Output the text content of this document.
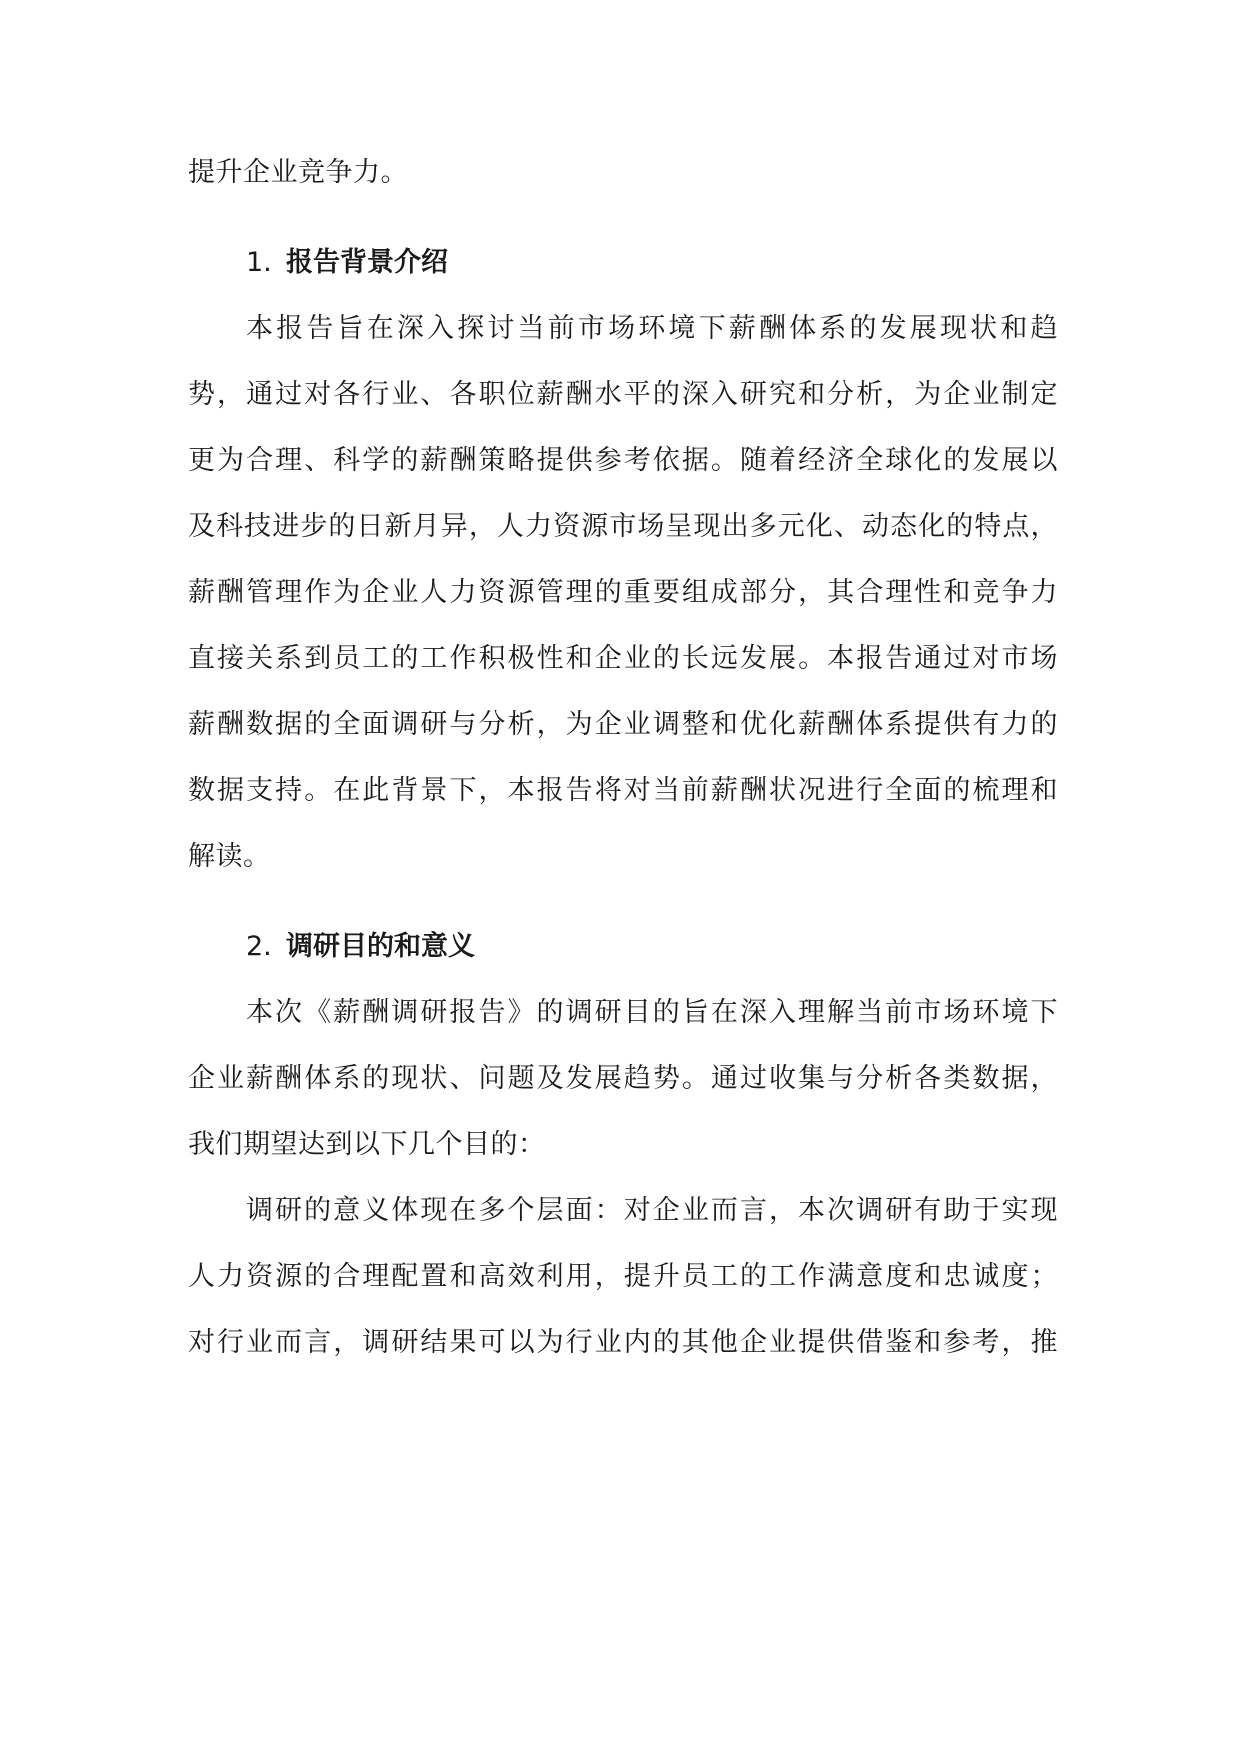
提升企业竞争力。

1. 报告背景介绍

本报告旨在深入探讨当前市场环境下薪酬体系的发展现状和趋

势，通过对各行业、各职位薪酬水平的深入研究和分析，为企业制定

更为合理、科学的薪酬策略提供参考依据。随着经济全球化的发展以

及科技进步的日新月异，人力资源市场呈现出多元化、动态化的特点，

薪酬管理作为企业人力资源管理的重要组成部分，其合理性和竞争力

直接关系到员工的工作积极性和企业的长远发展。本报告通过对市场

薪酬数据的全面调研与分析，为企业调整和优化薪酬体系提供有力的

数据支持。在此背景下，本报告将对当前薪酬状况进行全面的梳理和

解读。

2. 调研目的和意义

本次《薪酬调研报告》的调研目的旨在深入理解当前市场环境下

企业薪酬体系的现状、问题及发展趋势。通过收集与分析各类数据，

我们期望达到以下几个目的：

调研的意义体现在多个层面：对企业而言，本次调研有助于实现

人力资源的合理配置和高效利用，提升员工的工作满意度和忠诚度；

对行业而言，调研结果可以为行业内的其他企业提供借鉴和参考，推
